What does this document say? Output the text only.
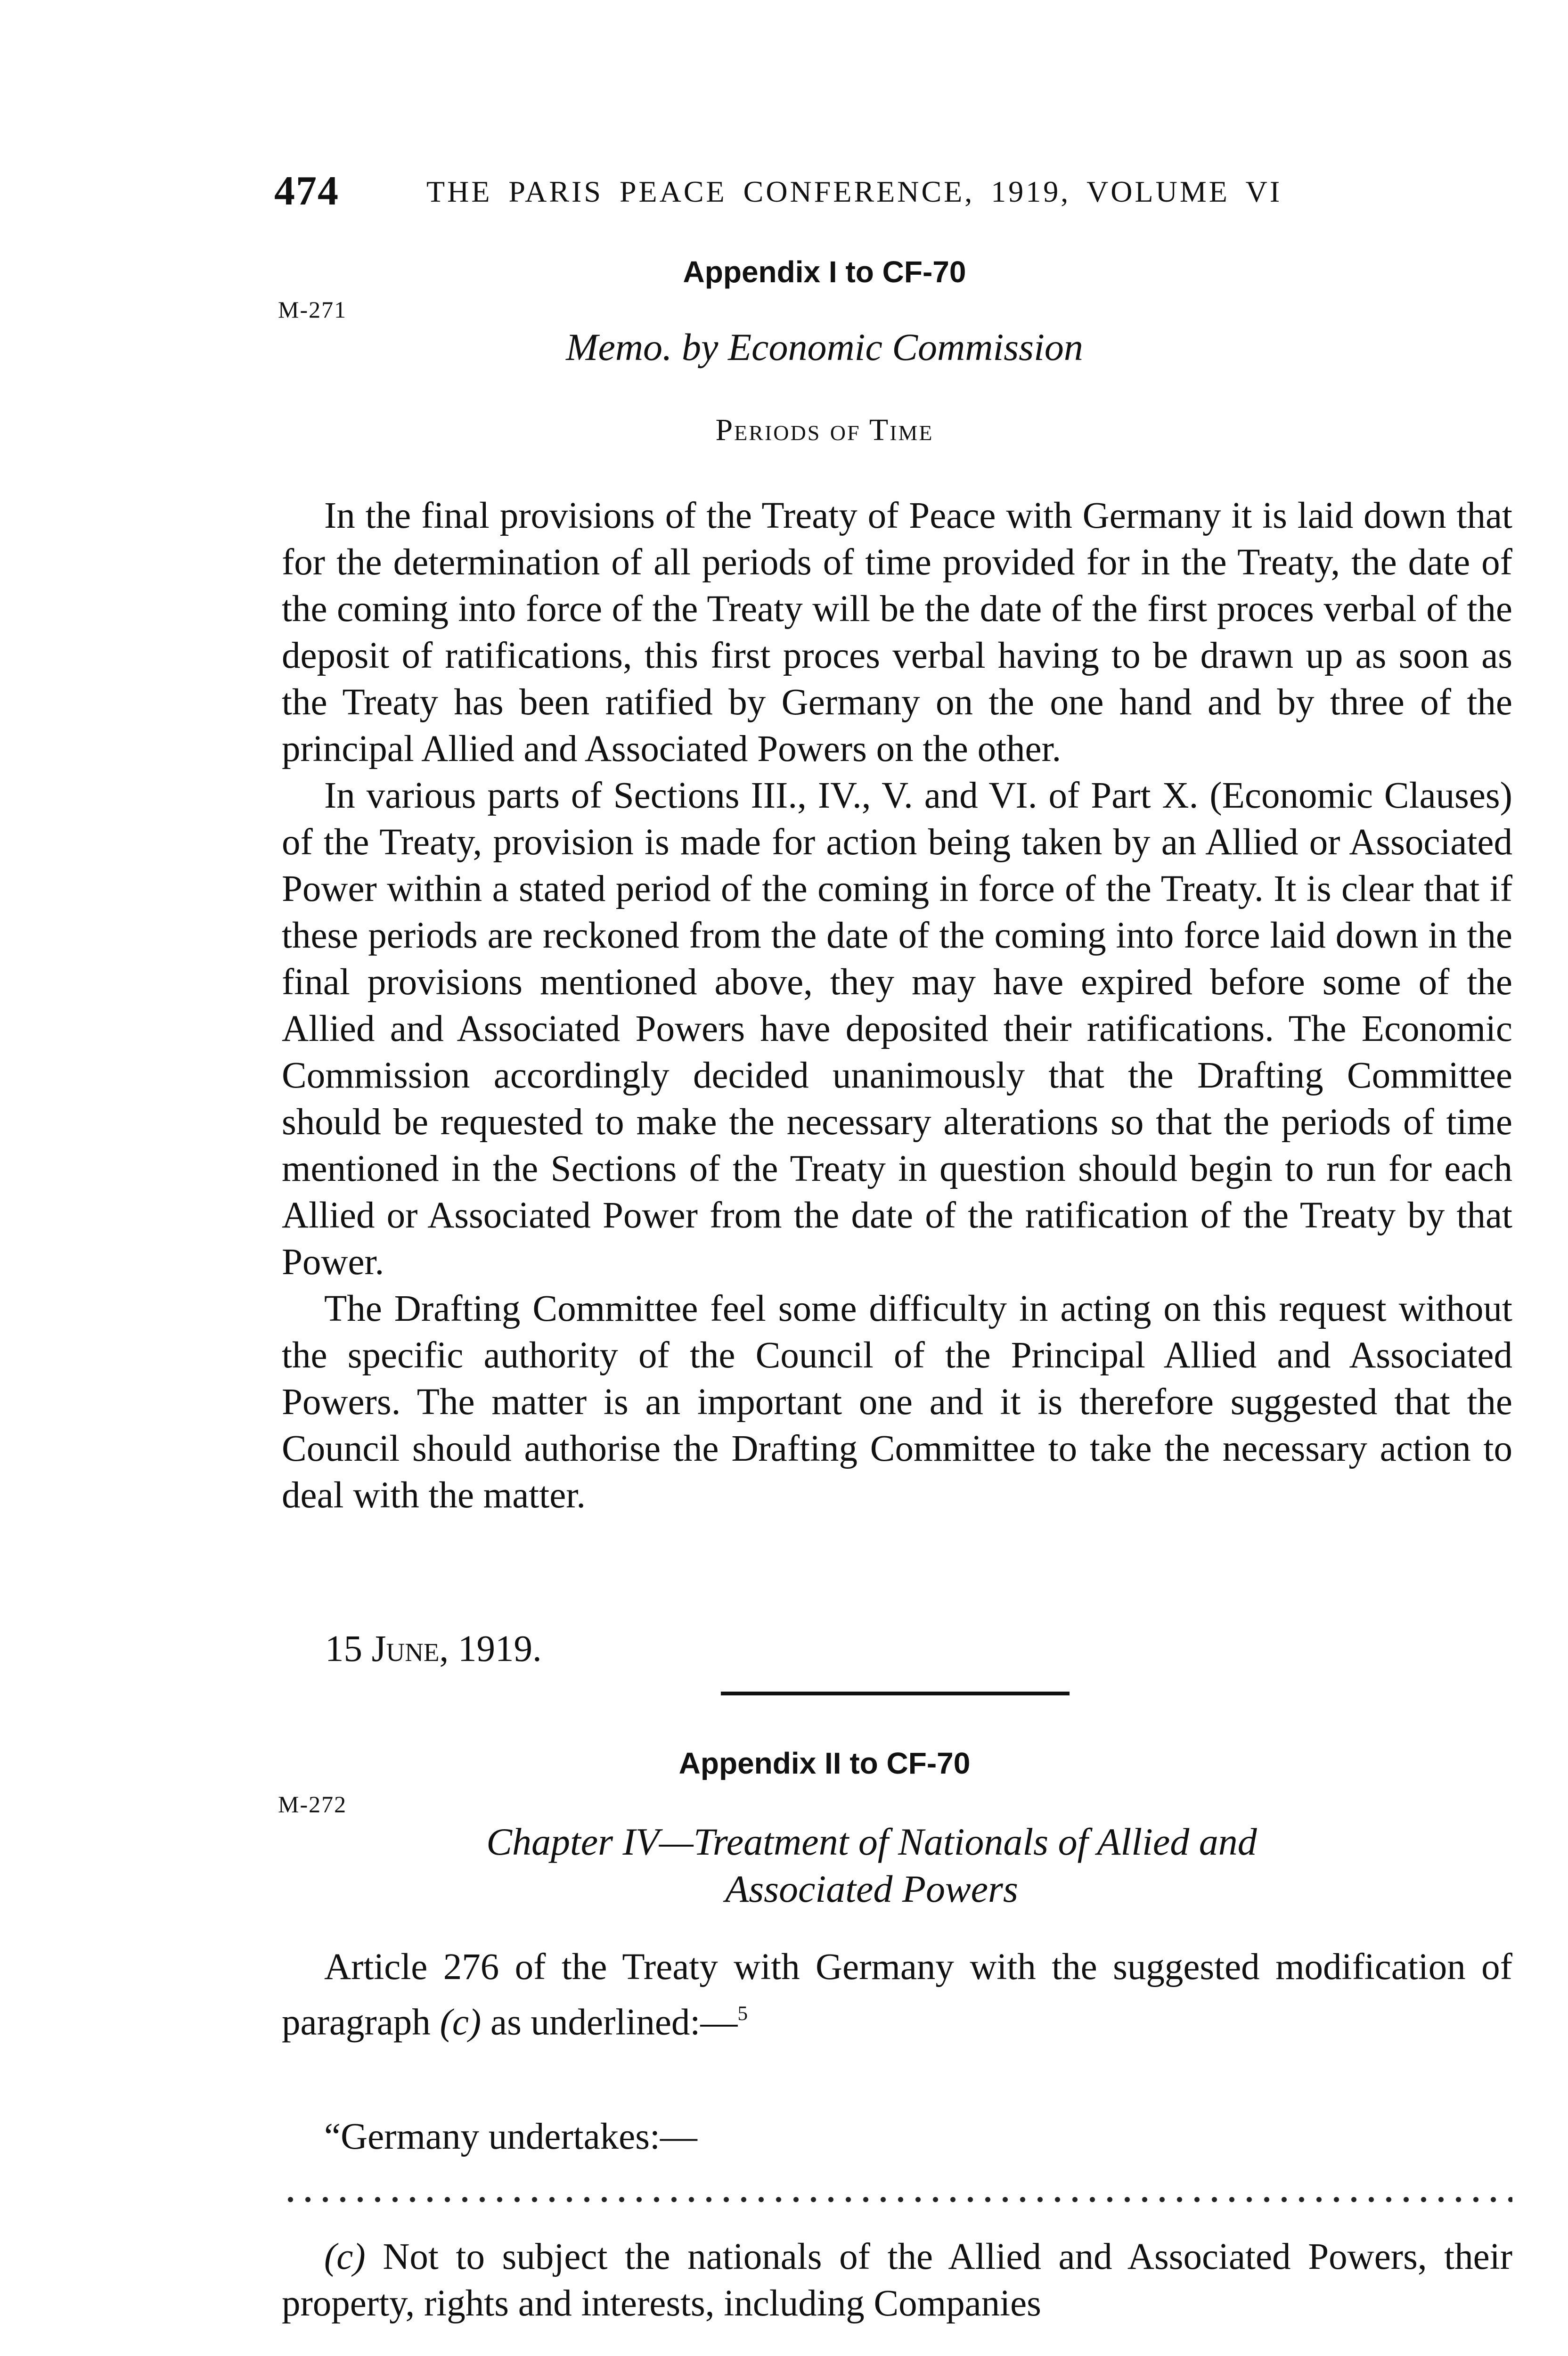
474	THE PARIS PEACE CONFERENCE, 1919, VOLUME VI
Appendix I to CF-70
M-271
Memo. by Economic Commission
Periods of Time

In the final provisions of the Treaty of Peace with Germany it is laid down that for the determination of all periods of time provided for in the Treaty, the date of the coming into force of the Treaty will be the date of the first proces verbal of the deposit of ratifications, this first proces verbal having to be drawn up as soon as the Treaty has been ratified by Germany on the one hand and by three of the principal Allied and Associated Powers on the other.

In various parts of Sections III., IV., V. and VI. of Part X. (Economic Clauses) of the Treaty, provision is made for action being taken by an Allied or Associated Power within a stated period of the coming in force of the Treaty. It is clear that if these periods are reckoned from the date of the coming into force laid down in the final provisions mentioned above, they may have expired before some of the Allied and Associated Powers have deposited their ratifications. The Economic Commission accordingly decided unanimously that the Drafting Committee should be requested to make the necessary alterations so that the periods of time mentioned in the Sections of the Treaty in question should begin to run for each Allied or Associated Power from the date of the ratification of the Treaty by that Power.

The Drafting Committee feel some difficulty in acting on this request without the specific authority of the Council of the Principal Allied and Associated Powers. The matter is an important one and it is therefore suggested that the Council should authorise the Drafting Committee to take the necessary action to deal with the matter.

15 June, 1919.
Appendix II to CF-70
M-272
Chapter IV—Treatment of Nationals of Allied and
Associated Powers

Article 276 of the Treaty with Germany with the suggested modification of paragraph (c) as underlined:—$^5$

“Germany undertakes:—

(c) Not to subject the nationals of the Allied and Associated Powers, their property, rights and interests, including Companies
